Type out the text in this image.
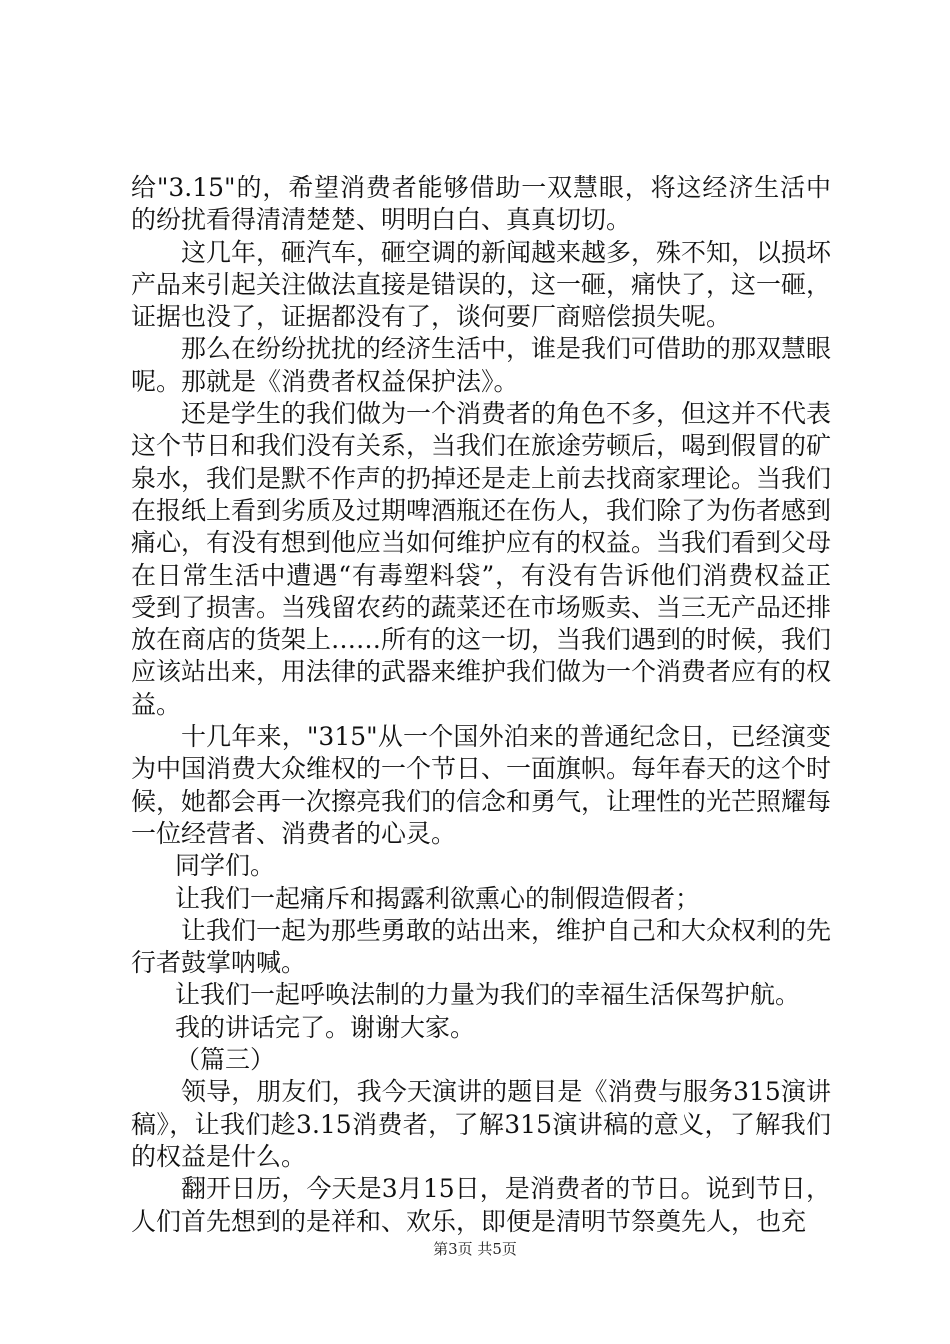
给"3.15"的，希望消费者能够借助一双慧眼，将这经济生活中的纷扰看得清清楚楚、明明白白、真真切切。

这几年，砸汽车，砸空调的新闻越来越多，殊不知，以损坏产品来引起关注做法直接是错误的，这一砸，痛快了，这一砸，证据也没了，证据都没有了，谈何要厂商赔偿损失呢。

那么在纷纷扰扰的经济生活中，谁是我们可借助的那双慧眼呢。那就是《消费者权益保护法》。

还是学生的我们做为一个消费者的角色不多，但这并不代表这个节日和我们没有关系，当我们在旅途劳顿后，喝到假冒的矿泉水，我们是默不作声的扔掉还是走上前去找商家理论。当我们在报纸上看到劣质及过期啤酒瓶还在伤人，我们除了为伤者感到痛心，有没有想到他应当如何维护应有的权益。当我们看到父母在日常生活中遭遇“有毒塑料袋”，有没有告诉他们消费权益正受到了损害。当残留农药的蔬菜还在市场贩卖、当三无产品还排放在商店的货架上……所有的这一切，当我们遇到的时候，我们应该站出来，用法律的武器来维护我们做为一个消费者应有的权益。

十几年来，"315"从一个国外泊来的普通纪念日，已经演变为中国消费大众维权的一个节日、一面旗帜。每年春天的这个时候，她都会再一次擦亮我们的信念和勇气，让理性的光芒照耀每一位经营者、消费者的心灵。

同学们。

让我们一起痛斥和揭露利欲熏心的制假造假者；

让我们一起为那些勇敢的站出来，维护自己和大众权利的先行者鼓掌呐喊。

让我们一起呼唤法制的力量为我们的幸福生活保驾护航。

我的讲话完了。谢谢大家。

（篇三）

领导，朋友们，我今天演讲的题目是《消费与服务315演讲稿》，让我们趁3.15消费者，了解315演讲稿的意义，了解我们的权益是什么。

翻开日历，今天是3月15日，是消费者的节日。说到节日，人们首先想到的是祥和、欢乐，即便是清明节祭奠先人，也充

第3页 共5页
